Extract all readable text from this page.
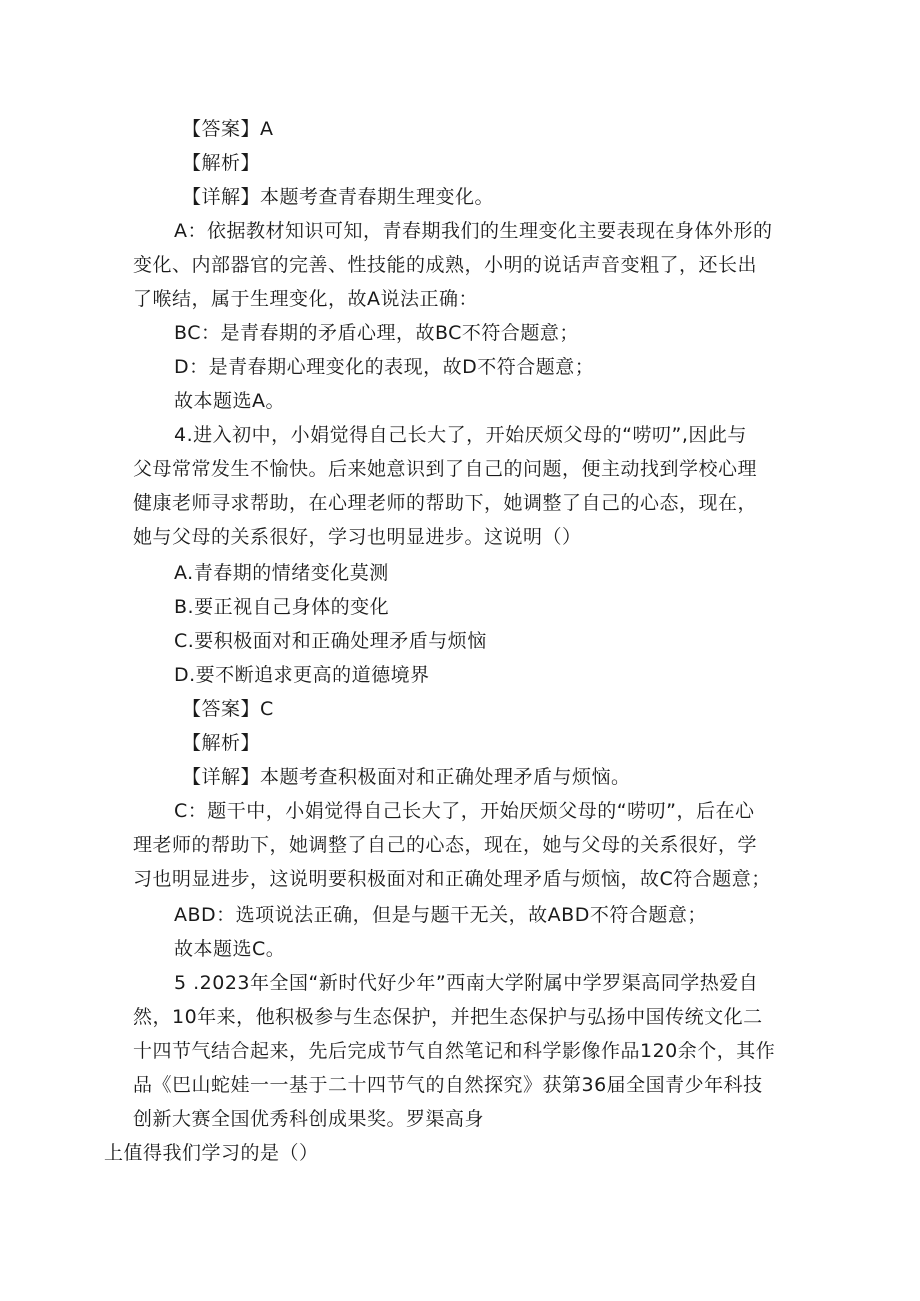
【答案】A
【解析】
【详解】本题考查青春期生理变化。
A：依据教材知识可知，青春期我们的生理变化主要表现在身体外形的
变化、内部器官的完善、性技能的成熟，小明的说话声音变粗了，还长出
了喉结，属于生理变化，故A说法正确：
BC：是青春期的矛盾心理，故BC不符合题意；
D：是青春期心理变化的表现，故D不符合题意；
故本题选A。
4.进入初中，小娟觉得自己长大了，开始厌烦父母的“唠叨”,因此与
父母常常发生不愉快。后来她意识到了自己的问题，便主动找到学校心理
健康老师寻求帮助，在心理老师的帮助下，她调整了自己的心态，现在，
她与父母的关系很好，学习也明显进步。这说明（）
A.青春期的情绪变化莫测
B.要正视自己身体的变化
C.要积极面对和正确处理矛盾与烦恼
D.要不断追求更高的道德境界
【答案】C
【解析】
【详解】本题考查积极面对和正确处理矛盾与烦恼。
C：题干中，小娟觉得自己长大了，开始厌烦父母的“唠叨”，后在心
理老师的帮助下，她调整了自己的心态，现在，她与父母的关系很好，学
习也明显进步，这说明要积极面对和正确处理矛盾与烦恼，故C符合题意；
ABD：选项说法正确，但是与题干无关，故ABD不符合题意；
故本题选C。
5 .2023年全国“新时代好少年”西南大学附属中学罗渠高同学热爱自
然，10年来，他积极参与生态保护，并把生态保护与弘扬中国传统文化二
十四节气结合起来，先后完成节气自然笔记和科学影像作品120余个，其作
品《巴山蛇娃一一基于二十四节气的自然探究》获第36届全国青少年科技
创新大赛全国优秀科创成果奖。罗渠高身
上值得我们学习的是（）
